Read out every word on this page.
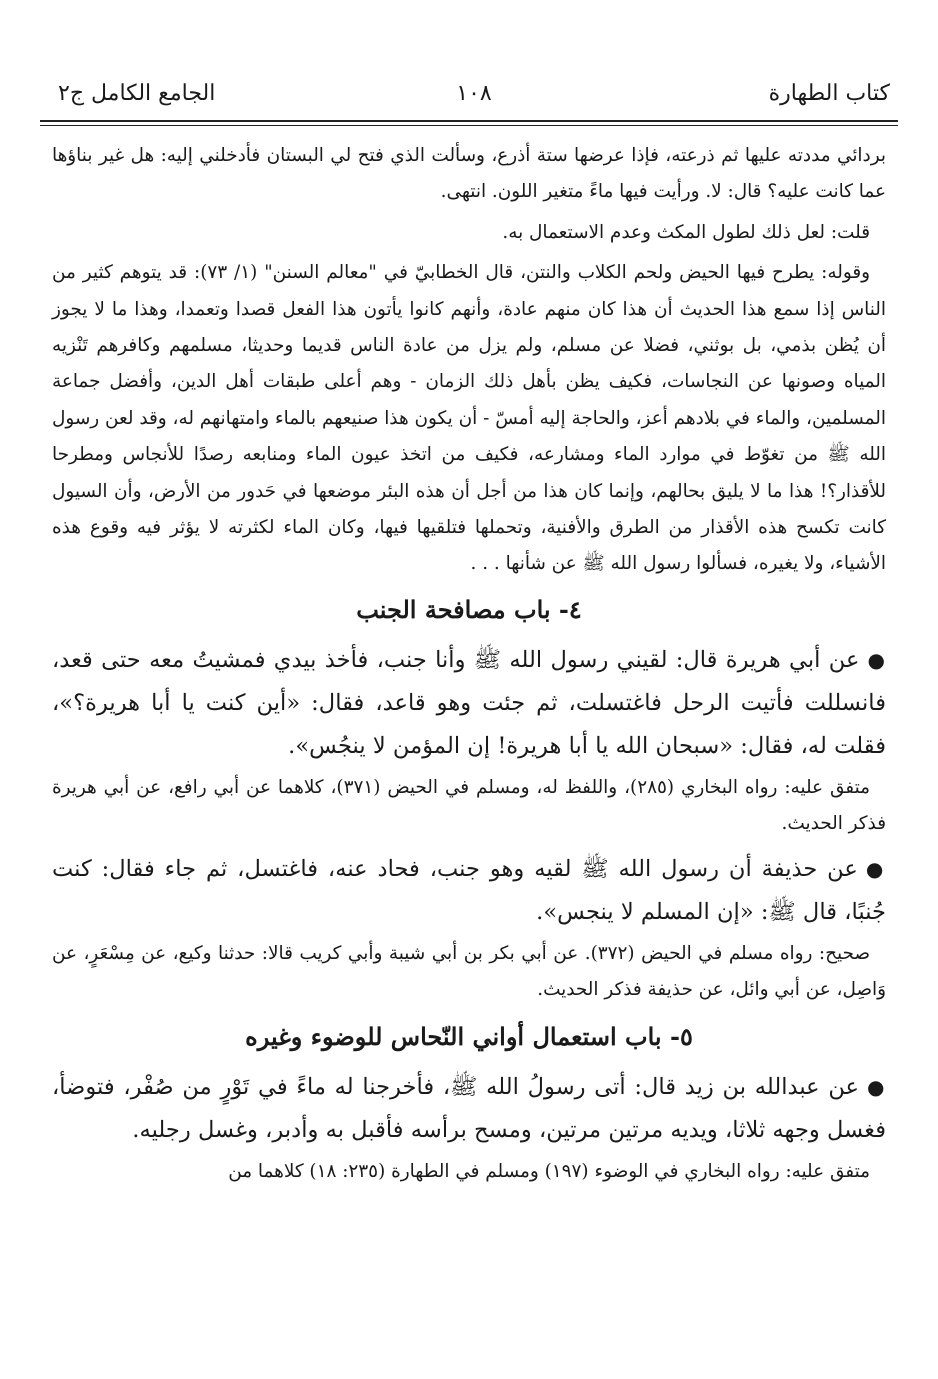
كتاب الطهارة
١٠٨
الجامع الكامل ج٢

بردائي مددته عليها ثم ذرعته، فإذا عرضها ستة أذرع، وسألت الذي فتح لي البستان فأدخلني إليه: هل غير بناؤها عما كانت عليه؟ قال: لا. ورأيت فيها ماءً متغير اللون. انتهى.

قلت: لعل ذلك لطول المكث وعدم الاستعمال به.

وقوله: يطرح فيها الحيض ولحم الكلاب والنتن، قال الخطابيّ في "معالم السنن" (١/ ٧٣): قد يتوهم كثير من الناس إذا سمع هذا الحديث أن هذا كان منهم عادة، وأنهم كانوا يأتون هذا الفعل قصدا وتعمدا، وهذا ما لا يجوز أن يُظن بذمي، بل بوثني، فضلا عن مسلم، ولم يزل من عادة الناس قديما وحديثا، مسلمهم وكافرهم تَنْزيه المياه وصونها عن النجاسات، فكيف يظن بأهل ذلك الزمان - وهم أعلى طبقات أهل الدين، وأفضل جماعة المسلمين، والماء في بلادهم أعز، والحاجة إليه أمسّ - أن يكون هذا صنيعهم بالماء وامتهانهم له، وقد لعن رسول الله ﷺ من تغوّط في موارد الماء ومشارعه، فكيف من اتخذ عيون الماء ومنابعه رصدًا للأنجاس ومطرحا للأقذار؟! هذا ما لا يليق بحالهم، وإنما كان هذا من أجل أن هذه البئر موضعها في حَدور من الأرض، وأن السيول كانت تكسح هذه الأقذار من الطرق والأفنية، وتحملها فتلقيها فيها، وكان الماء لكثرته لا يؤثر فيه وقوع هذه الأشياء، ولا يغيره، فسألوا رسول الله ﷺ عن شأنها . . .

٤- باب مصافحة الجنب

●عن أبي هريرة قال: لقيني رسول الله ﷺ وأنا جنب، فأخذ بيدي فمشيتُ معه حتى قعد، فانسللت فأتيت الرحل فاغتسلت، ثم جئت وهو قاعد، فقال: «أين كنت يا أبا هريرة؟»، فقلت له، فقال: «سبحان الله يا أبا هريرة! إن المؤمن لا ينجُس».

متفق عليه: رواه البخاري (٢٨٥)، واللفظ له، ومسلم في الحيض (٣٧١)، كلاهما عن أبي رافع، عن أبي هريرة فذكر الحديث.

●عن حذيفة أن رسول الله ﷺ لقيه وهو جنب، فحاد عنه، فاغتسل، ثم جاء فقال: كنت جُنبًا، قال ﷺ: «إن المسلم لا ينجس».

صحيح: رواه مسلم في الحيض (٣٧٢). عن أبي بكر بن أبي شيبة وأبي كريب قالا: حدثنا وكيع، عن مِسْعَرٍ، عن وَاصِل، عن أبي وائل، عن حذيفة فذكر الحديث.

٥- باب استعمال أواني النّحاس للوضوء وغيره

●عن عبدالله بن زيد قال: أتى رسولُ الله ﷺ، فأخرجنا له ماءً في تَوْرٍ من صُفْر، فتوضأ، فغسل وجهه ثلاثا، ويديه مرتين مرتين، ومسح برأسه فأقبل به وأدبر، وغسل رجليه.

متفق عليه: رواه البخاري في الوضوء (١٩٧) ومسلم في الطهارة (٢٣٥: ١٨) كلاهما من
